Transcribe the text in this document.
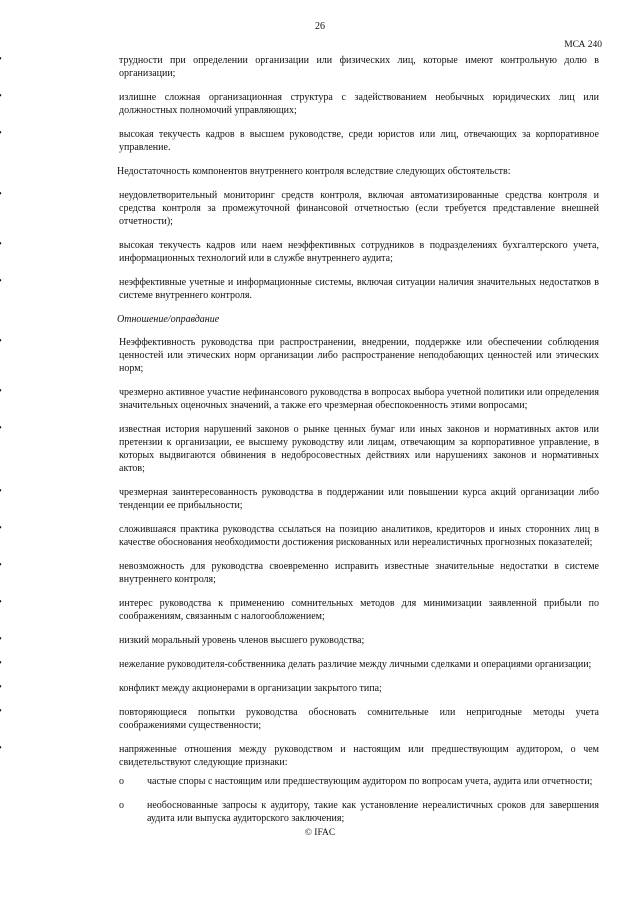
26
МСА 240
трудности при определении организации или физических лиц, которые имеют контрольную долю в организации;
излишне сложная организационная структура с задействованием необычных юридических лиц или должностных полномочий управляющих;
высокая текучесть кадров в высшем руководстве, среди юристов или лиц, отвечающих за корпоративное управление.
Недостаточность компонентов внутреннего контроля вследствие следующих обстоятельств:
неудовлетворительный мониторинг средств контроля, включая автоматизированные средства контроля и средства контроля за промежуточной финансовой отчетностью (если требуется представление внешней отчетности);
высокая текучесть кадров или наем неэффективных сотрудников в подразделениях бухгалтерского учета, информационных технологий или в службе внутреннего аудита;
неэффективные учетные и информационные системы, включая ситуации наличия значительных недостатков в системе внутреннего контроля.
Отношение/оправдание
Неэффективность руководства при распространении, внедрении, поддержке или обеспечении соблюдения ценностей или этических норм организации либо распространение неподобающих ценностей или этических норм;
чрезмерно активное участие нефинансового руководства в вопросах выбора учетной политики или определения значительных оценочных значений, а также его чрезмерная обеспокоенность этими вопросами;
известная история нарушений законов о рынке ценных бумаг или иных законов и нормативных актов или претензии к организации, ее высшему руководству или лицам, отвечающим за корпоративное управление, в которых выдвигаются обвинения в недобросовестных действиях или нарушениях законов и нормативных актов;
чрезмерная заинтересованность руководства в поддержании или повышении курса акций организации либо тенденции ее прибыльности;
сложившаяся практика руководства ссылаться на позицию аналитиков, кредиторов и иных сторонних лиц в качестве обоснования необходимости достижения рискованных или нереалистичных прогнозных показателей;
невозможность для руководства своевременно исправить известные значительные недостатки в системе внутреннего контроля;
интерес руководства к применению сомнительных методов для минимизации заявленной прибыли по соображениям, связанным с налогообложением;
низкий моральный уровень членов высшего руководства;
нежелание руководителя-собственника делать различие между личными сделками и операциями организации;
конфликт между акционерами в организации закрытого типа;
повторяющиеся попытки руководства обосновать сомнительные или непригодные методы учета соображениями существенности;
напряженные отношения между руководством и настоящим или предшествующим аудитором, о чем свидетельствуют следующие признаки:
o частые споры с настоящим или предшествующим аудитором по вопросам учета, аудита или отчетности;
o необоснованные запросы к аудитору, такие как установление нереалистичных сроков для завершения аудита или выпуска аудиторского заключения;
© IFAC
